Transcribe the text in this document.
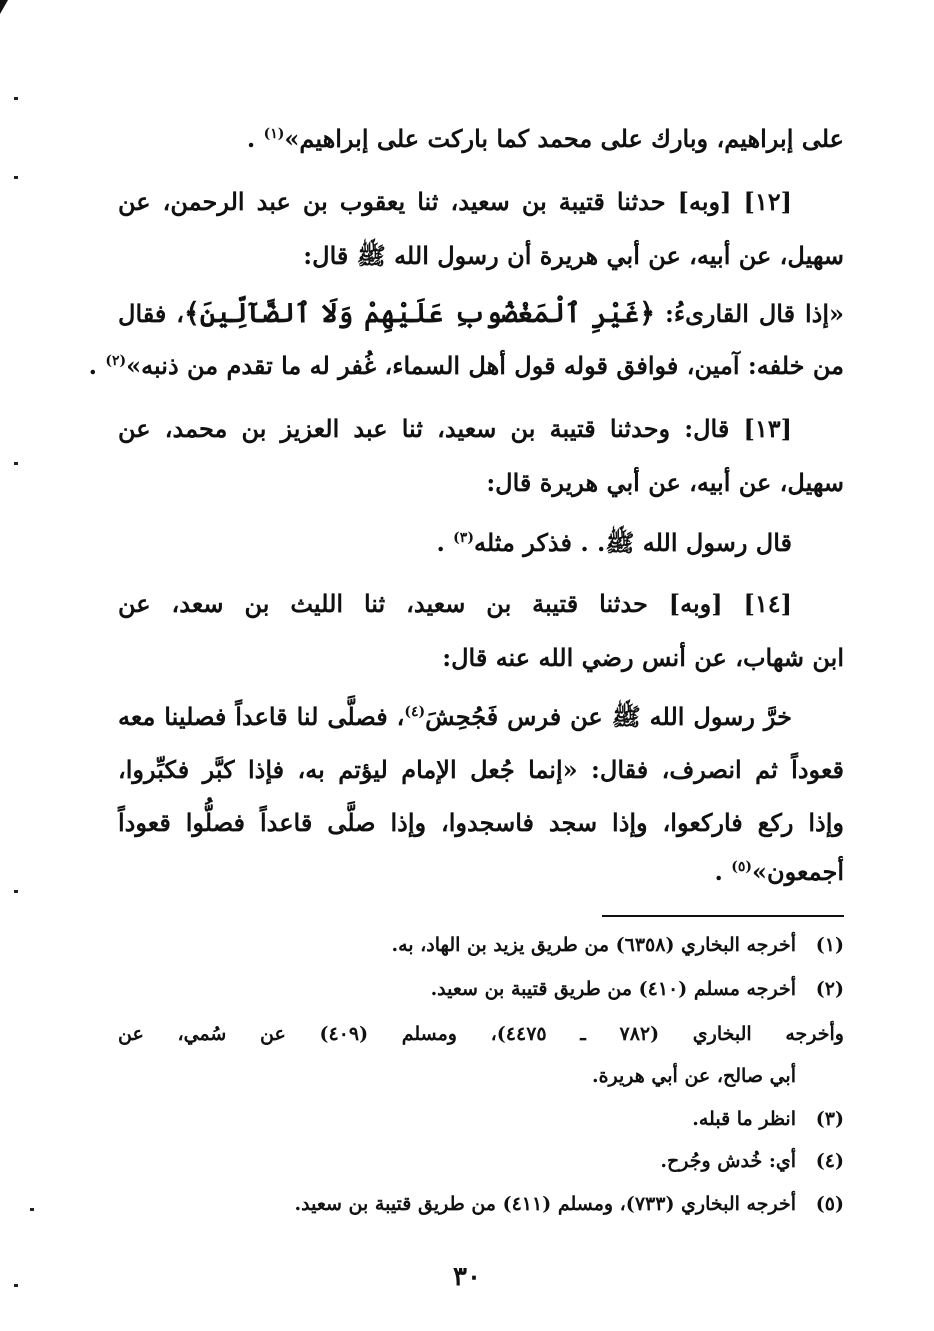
على إبراهيم، وبارك على محمد كما باركت على إبراهيم»$^{(١)}$ .
[١٢] [وبه] حدثنا قتيبة بن سعيد، ثنا يعقوب بن عبد الرحمن، عن
سهيل، عن أبيه، عن أبي هريرة أن رسول الله ﷺ قال:
«إذا قال القارىءُ: ﴿غَيْرِ ٱلْمَغْضُوبِ عَلَيْهِمْ وَلَا ٱلضَّآلِّينَ﴾، فقال
من خلفه: آمين، فوافق قوله قول أهل السماء، غُفر له ما تقدم من ذنبه»$^{(٢)}$ .
[١٣] قال: وحدثنا قتيبة بن سعيد، ثنا عبد العزيز بن محمد، عن
سهيل، عن أبيه، عن أبي هريرة قال:
قال رسول الله ﷺ. . فذكر مثله$^{(٣)}$ .
[١٤] [وبه] حدثنا قتيبة بن سعيد، ثنا الليث بن سعد، عن
ابن شهاب، عن أنس رضي الله عنه قال:
خرَّ رسول الله ﷺ عن فرس فَجُحِشَ$^{(٤)}$، فصلَّى لنا قاعداً فصلينا معه
قعوداً ثم انصرف، فقال: «إنما جُعل الإمام ليؤتم به، فإذا كبَّر فكبِّروا،
وإذا ركع فاركعوا، وإذا سجد فاسجدوا، وإذا صلَّى قاعداً فصلُّوا قعوداً
أجمعون»$^{(٥)}$ .
(١)أخرجه البخاري (٦٣٥٨) من طريق يزيد بن الهاد، به.
(٢)أخرجه مسلم (٤١٠) من طريق قتيبة بن سعيد.
وأخرجه البخاري (٧٨٢ ـ ٤٤٧٥)، ومسلم (٤٠٩) عن سُمي، عن
أبي صالح، عن أبي هريرة.
(٣)انظر ما قبله.
(٤)أي: خُدش وجُرح.
(٥)أخرجه البخاري (٧٣٣)، ومسلم (٤١١) من طريق قتيبة بن سعيد.
٣٠
